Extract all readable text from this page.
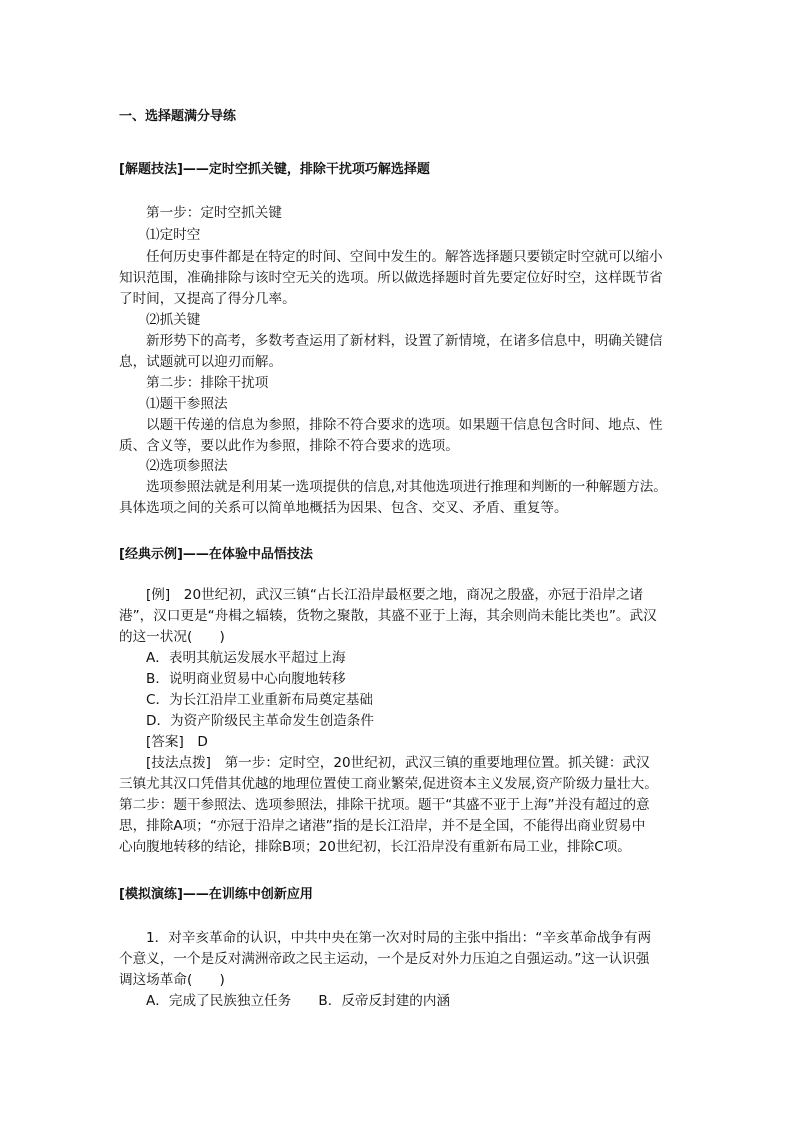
一、选择题满分导练
[解题技法]——定时空抓关键，排除干扰项巧解选择题
第一步：定时空抓关键
⑴定时空
任何历史事件都是在特定的时间、空间中发生的。解答选择题只要锁定时空就可以缩小
知识范围，准确排除与该时空无关的选项。所以做选择题时首先要定位好时空，这样既节省
了时间，又提高了得分几率。
⑵抓关键
新形势下的高考，多数考查运用了新材料，设置了新情境，在诸多信息中，明确关键信
息，试题就可以迎刃而解。
第二步：排除干扰项
⑴题干参照法
以题干传递的信息为参照，排除不符合要求的选项。如果题干信息包含时间、地点、性
质、含义等，要以此作为参照，排除不符合要求的选项。
⑵选项参照法
选项参照法就是利用某一选项提供的信息,对其他选项进行推理和判断的一种解题方法。
具体选项之间的关系可以简单地概括为因果、包含、交叉、矛盾、重复等。
[经典示例]——在体验中品悟技法
[例]　20世纪初，武汉三镇“占长江沿岸最枢要之地，商况之殷盛，亦冠于沿岸之诸
港”，汉口更是“舟楫之辐辏，货物之聚散，其盛不亚于上海，其余则尚未能比类也”。武汉
的这一状况(　　)
A．表明其航运发展水平超过上海
B．说明商业贸易中心向腹地转移
C．为长江沿岸工业重新布局奠定基础
D．为资产阶级民主革命发生创造条件
[答案]　D
[技法点拨]　第一步：定时空，20世纪初，武汉三镇的重要地理位置。抓关键：武汉
三镇尤其汉口凭借其优越的地理位置使工商业繁荣,促进资本主义发展,资产阶级力量壮大。
第二步：题干参照法、选项参照法，排除干扰项。题干“其盛不亚于上海”并没有超过的意
思，排除A项；“亦冠于沿岸之诸港”指的是长江沿岸，并不是全国，不能得出商业贸易中
心向腹地转移的结论，排除B项；20世纪初，长江沿岸没有重新布局工业，排除C项。
[模拟演练]——在训练中创新应用
1．对辛亥革命的认识，中共中央在第一次对时局的主张中指出：“辛亥革命战争有两
个意义，一个是反对满洲帝政之民主运动，一个是反对外力压迫之自强运动。”这一认识强
调这场革命(　　)
A．完成了民族独立任务　　B．反帝反封建的内涵
